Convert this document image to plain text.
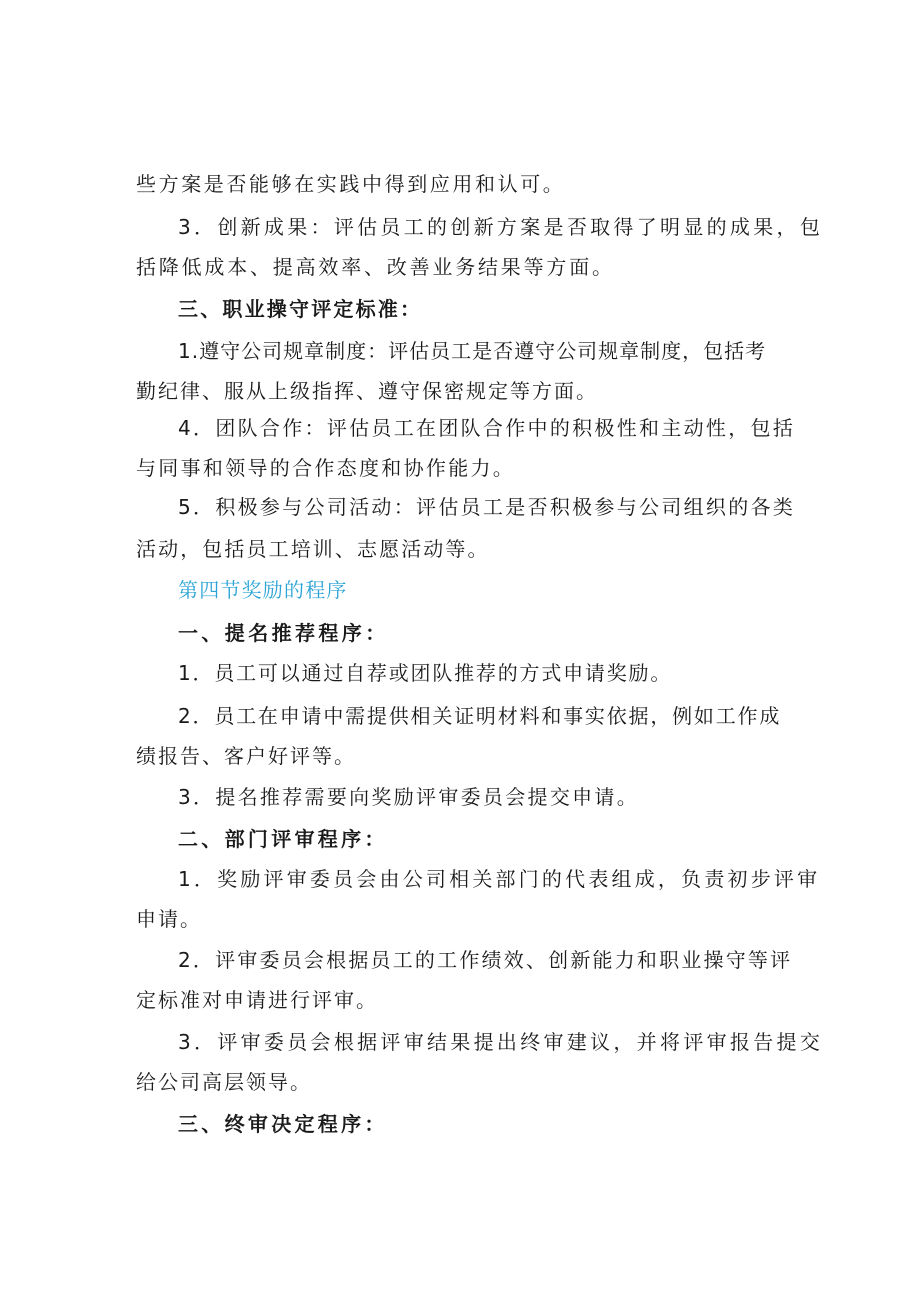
些方案是否能够在实践中得到应用和认可。
3．创新成果：评估员工的创新方案是否取得了明显的成果，包
括降低成本、提高效率、改善业务结果等方面。
三、职业操守评定标准：
1.遵守公司规章制度：评估员工是否遵守公司规章制度，包括考
勤纪律、服从上级指挥、遵守保密规定等方面。
4．团队合作：评估员工在团队合作中的积极性和主动性，包括
与同事和领导的合作态度和协作能力。
5．积极参与公司活动：评估员工是否积极参与公司组织的各类
活动，包括员工培训、志愿活动等。
第四节奖励的程序
一、提名推荐程序：
1．员工可以通过自荐或团队推荐的方式申请奖励。
2．员工在申请中需提供相关证明材料和事实依据，例如工作成
绩报告、客户好评等。
3．提名推荐需要向奖励评审委员会提交申请。
二、部门评审程序：
1．奖励评审委员会由公司相关部门的代表组成，负责初步评审
申请。
2．评审委员会根据员工的工作绩效、创新能力和职业操守等评
定标准对申请进行评审。
3．评审委员会根据评审结果提出终审建议，并将评审报告提交
给公司高层领导。
三、终审决定程序：
